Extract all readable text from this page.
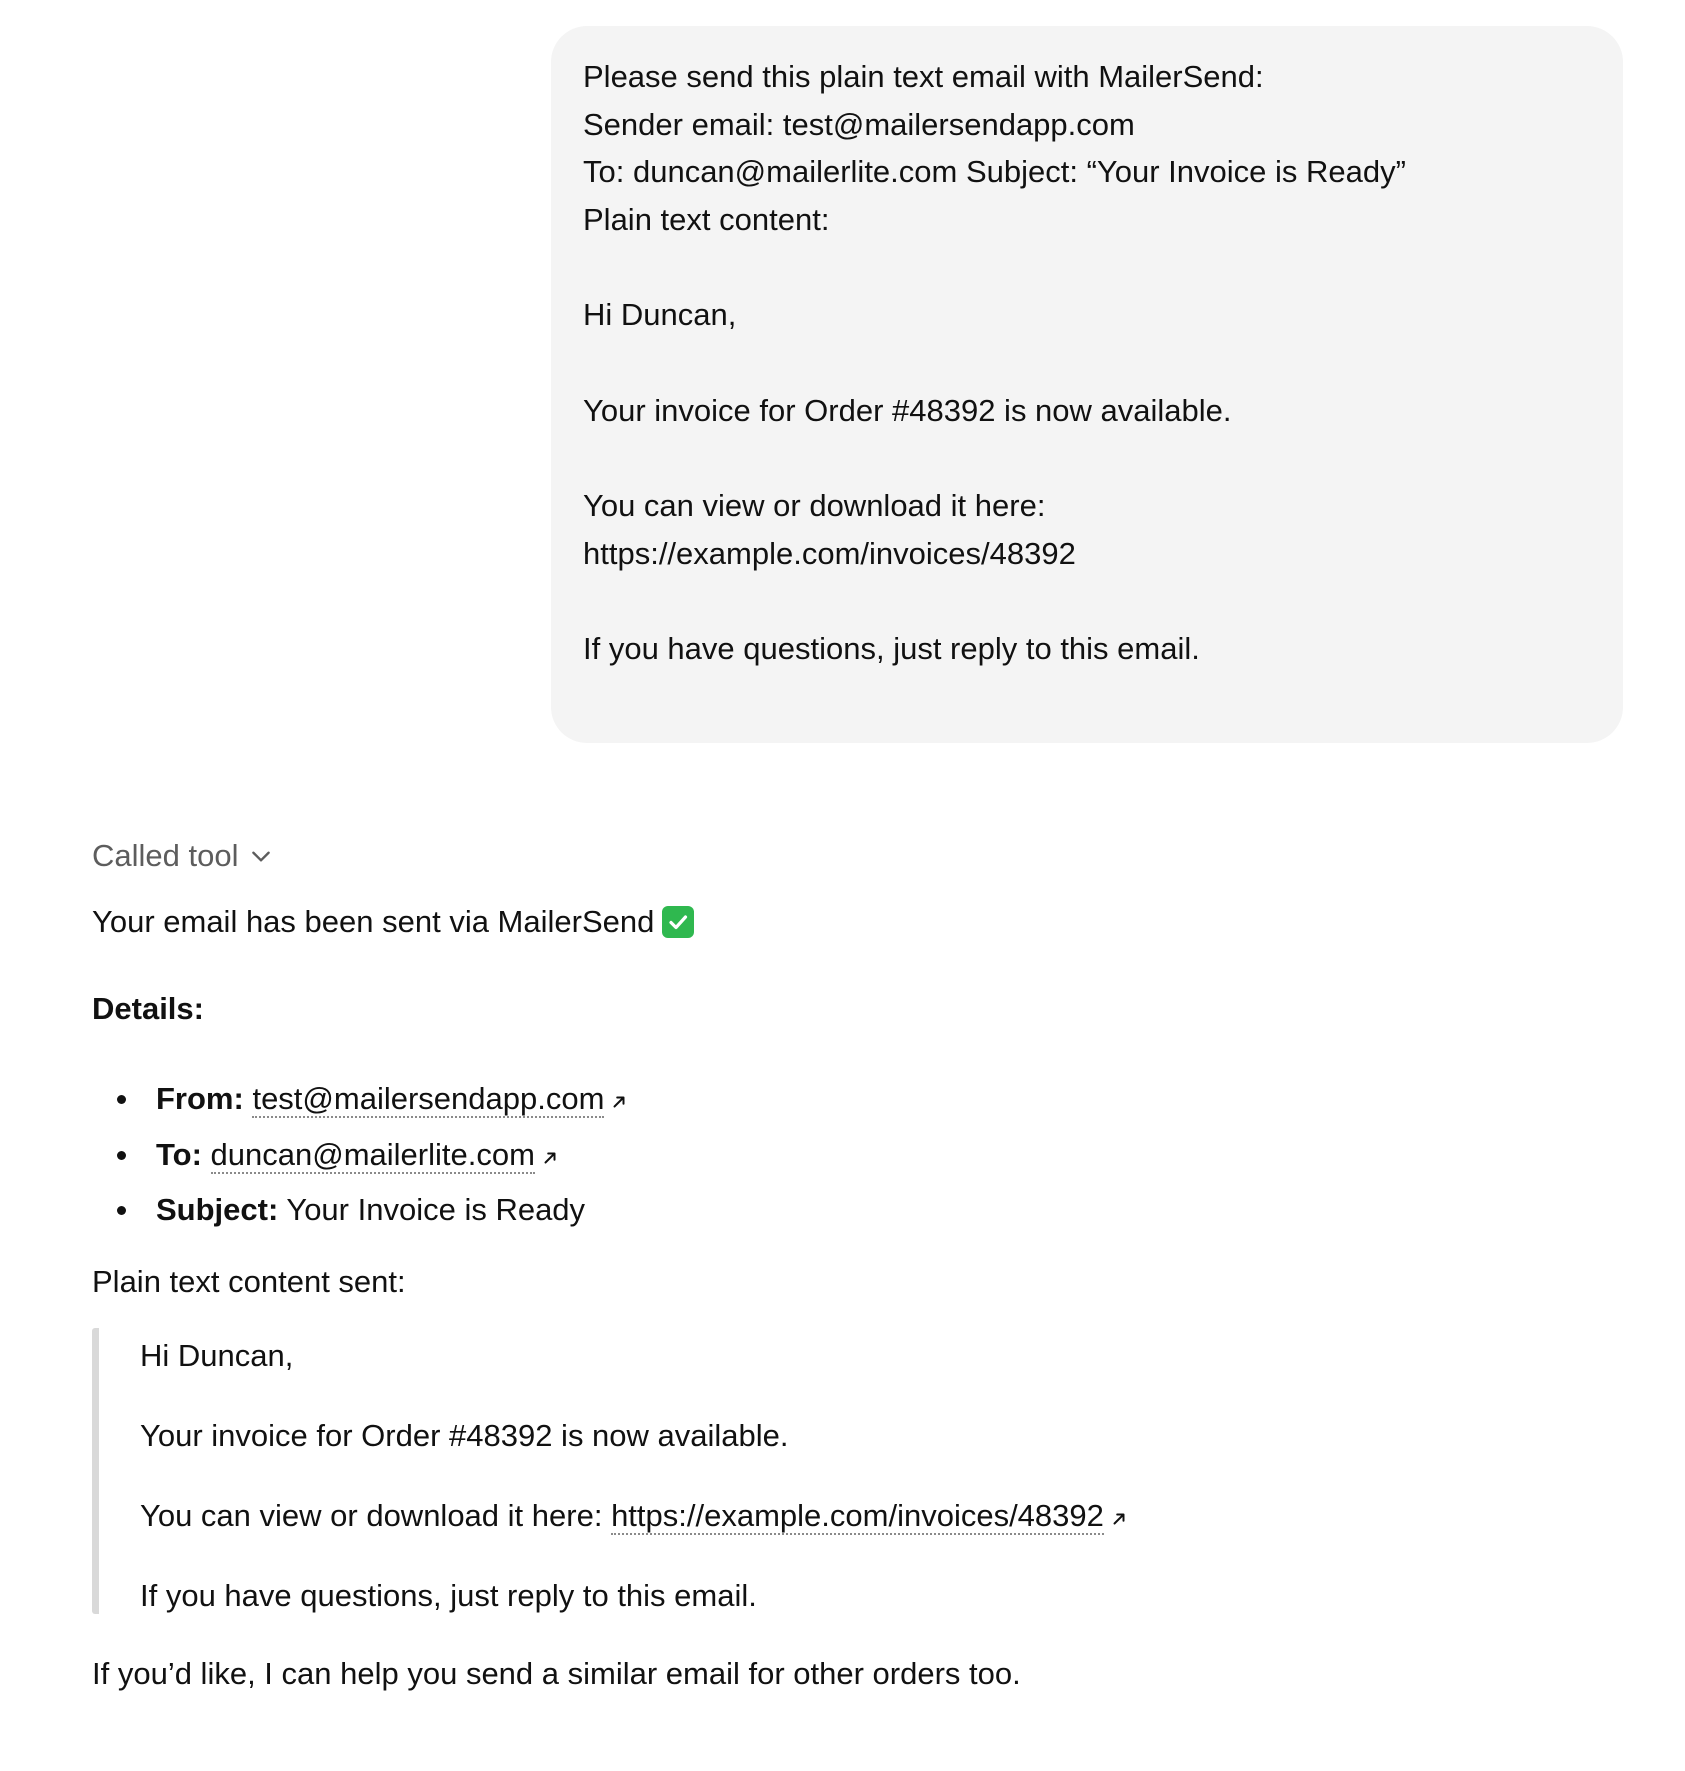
Please send this plain text email with MailerSend:
Sender email: test@mailersendapp.com
To: duncan@mailerlite.com Subject: “Your Invoice is Ready”
Plain text content:
Hi Duncan,
Your invoice for Order #48392 is now available.
You can view or download it here:
https://example.com/invoices/48392
If you have questions, just reply to this email.
Called tool
Your email has been sent via MailerSend
Details:
From: test@mailersendapp.com
To: duncan@mailerlite.com
Subject: Your Invoice is Ready
Plain text content sent:

Hi Duncan,

Your invoice for Order #48392 is now available.

You can view or download it here: https://example.com/invoices/48392

If you have questions, just reply to this email.

If you’d like, I can help you send a similar email for other orders too.
